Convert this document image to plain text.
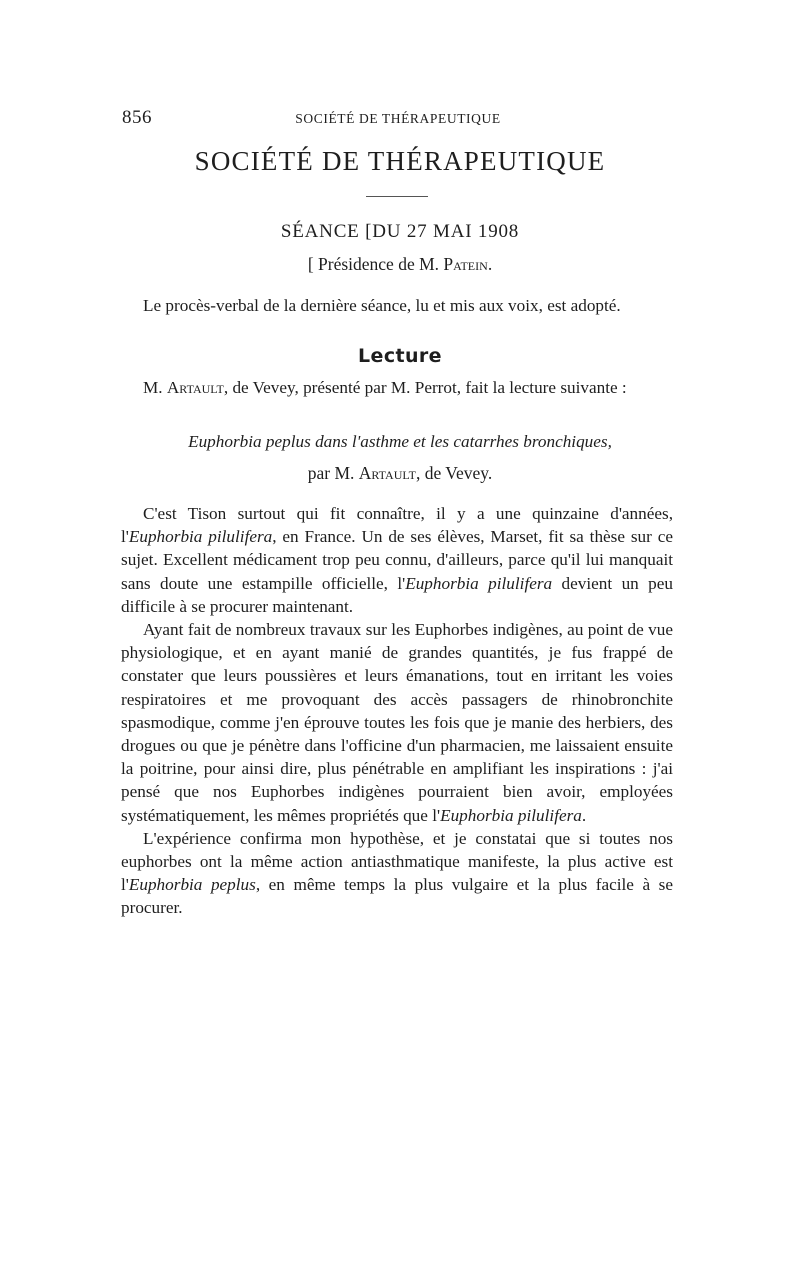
856	SOCIÉTÉ DE THÉRAPEUTIQUE
SOCIÉTÉ DE THÉRAPEUTIQUE
SÉANCE [DU 27 MAI 1908
[ Présidence de M. Patein.

Le procès-verbal de la dernière séance, lu et mis aux voix, est adopté.

Lecture

M. Artault, de Vevey, présenté par M. Perrot, fait la lecture suivante :

Euphorbia peplus dans l'asthme et les catarrhes bronchiques,
par M. Artault, de Vevey.

C'est Tison surtout qui fit connaître, il y a une quinzaine d'années, l'Euphorbia pilulifera, en France. Un de ses élèves, Marset, fit sa thèse sur ce sujet. Excellent médicament trop peu connu, d'ailleurs, parce qu'il lui manquait sans doute une estampille officielle, l'Euphorbia pilulifera devient un peu difficile à se procurer maintenant.

Ayant fait de nombreux travaux sur les Euphorbes indigènes, au point de vue physiologique, et en ayant manié de grandes quantités, je fus frappé de constater que leurs poussières et leurs émanations, tout en irritant les voies respiratoires et me provoquant des accès passagers de rhinobronchite spasmodique, comme j'en éprouve toutes les fois que je manie des herbiers, des drogues ou que je pénètre dans l'officine d'un pharmacien, me laissaient ensuite la poitrine, pour ainsi dire, plus pénétrable en amplifiant les inspirations : j'ai pensé que nos Euphorbes indigènes pourraient bien avoir, employées systématiquement, les mêmes propriétés que l'Euphorbia pilulifera.

L'expérience confirma mon hypothèse, et je constatai que si toutes nos euphorbes ont la même action antiasthmatique manifeste, la plus active est l'Euphorbia peplus, en même temps la plus vulgaire et la plus facile à se procurer.
